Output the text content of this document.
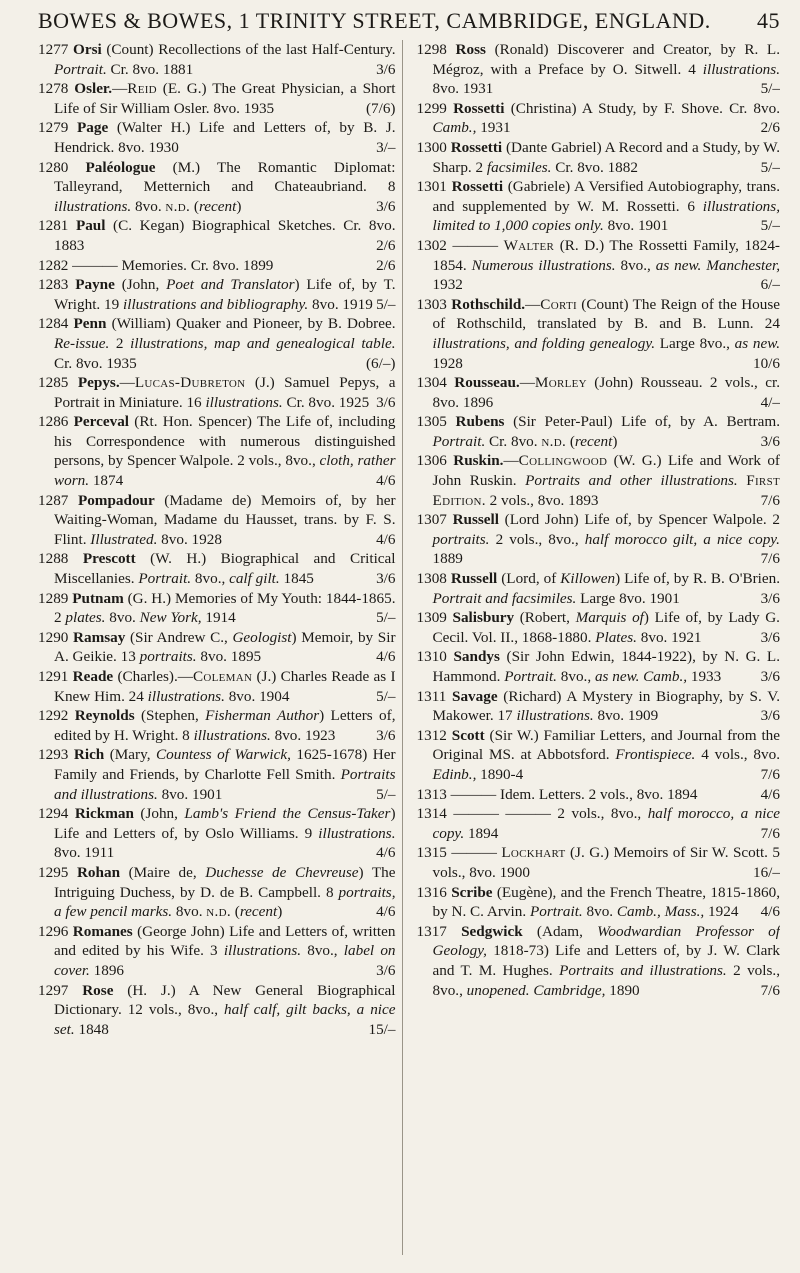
BOWES & BOWES, 1 TRINITY STREET, CAMBRIDGE, ENGLAND. 45

1277 Orsi (Count) Recollections of the last Half-Century. Portrait. Cr. 8vo. 1881	3/6

1278 Osler.—Reid (E. G.) The Great Physician, a Short Life of Sir William Osler. 8vo. 1935	(7/6)

1279 Page (Walter H.) Life and Letters of, by B. J. Hendrick. 8vo. 1930	3/–

1280 Paléologue (M.) The Romantic Diplomat: Talleyrand, Metternich and Chateaubriand. 8 illustrations. 8vo. n.d. (recent)	3/6

1281 Paul (C. Kegan) Biographical Sketches. Cr. 8vo. 1883	2/6

1282 ——— Memories. Cr. 8vo. 1899	2/6

1283 Payne (John, Poet and Translator) Life of, by T. Wright. 19 illustrations and bibliography. 8vo. 1919 5/–

1284 Penn (William) Quaker and Pioneer, by B. Dobree. Re-issue. 2 illustrations, map and genealogical table. Cr. 8vo. 1935	(6/–)

1285 Pepys.—Lucas-Dubreton (J.) Samuel Pepys, a Portrait in Miniature. 16 illustrations. Cr. 8vo. 1925 3/6

1286 Perceval (Rt. Hon. Spencer) The Life of, including his Correspondence with numerous distinguished persons, by Spencer Walpole. 2 vols., 8vo., cloth, rather worn. 1874	4/6

1287 Pompadour (Madame de) Memoirs of, by her Waiting-Woman, Madame du Hausset, trans. by F. S. Flint. Illustrated. 8vo. 1928	4/6

1288 Prescott (W. H.) Biographical and Critical Miscellanies. Portrait. 8vo., calf gilt. 1845	3/6

1289 Putnam (G. H.) Memories of My Youth: 1844-1865. 2 plates. 8vo. New York, 1914	5/–

1290 Ramsay (Sir Andrew C., Geologist) Memoir, by Sir A. Geikie. 13 portraits. 8vo. 1895	4/6

1291 Reade (Charles).—Coleman (J.) Charles Reade as I Knew Him. 24 illustrations. 8vo. 1904	5/–

1292 Reynolds (Stephen, Fisherman Author) Letters of, edited by H. Wright. 8 illustrations. 8vo. 1923	3/6

1293 Rich (Mary, Countess of Warwick, 1625-1678) Her Family and Friends, by Charlotte Fell Smith. Portraits and illustrations. 8vo. 1901	5/–

1294 Rickman (John, Lamb's Friend the Census-Taker) Life and Letters of, by Oslo Williams. 9 illustrations. 8vo. 1911	4/6

1295 Rohan (Maire de, Duchesse de Chevreuse) The Intriguing Duchess, by D. de B. Campbell. 8 portraits, a few pencil marks. 8vo. n.d. (recent)	4/6

1296 Romanes (George John) Life and Letters of, written and edited by his Wife. 3 illustrations. 8vo., label on cover. 1896	3/6

1297 Rose (H. J.) A New General Biographical Dictionary. 12 vols., 8vo., half calf, gilt backs, a nice set. 1848	15/–

1298 Ross (Ronald) Discoverer and Creator, by R. L. Mégroz, with a Preface by O. Sitwell. 4 illustrations. 8vo. 1931	5/–

1299 Rossetti (Christina) A Study, by F. Shove. Cr. 8vo. Camb., 1931	2/6

1300 Rossetti (Dante Gabriel) A Record and a Study, by W. Sharp. 2 facsimiles. Cr. 8vo. 1882	5/–

1301 Rossetti (Gabriele) A Versified Autobiography, trans. and supplemented by W. M. Rossetti. 6 illustrations, limited to 1,000 copies only. 8vo. 1901	5/–

1302 ——— Walter (R. D.) The Rossetti Family, 1824-1854. Numerous illustrations. 8vo., as new. Manchester, 1932	6/–

1303 Rothschild.—Corti (Count) The Reign of the House of Rothschild, translated by B. and B. Lunn. 24 illustrations, and folding genealogy. Large 8vo., as new. 1928	10/6

1304 Rousseau.—Morley (John) Rousseau. 2 vols., cr. 8vo. 1896	4/–

1305 Rubens (Sir Peter-Paul) Life of, by A. Bertram. Portrait. Cr. 8vo. n.d. (recent)	3/6

1306 Ruskin.—Collingwood (W. G.) Life and Work of John Ruskin. Portraits and other illustrations. First Edition. 2 vols., 8vo. 1893	7/6

1307 Russell (Lord John) Life of, by Spencer Walpole. 2 portraits. 2 vols., 8vo., half morocco gilt, a nice copy. 1889	7/6

1308 Russell (Lord, of Killowen) Life of, by R. B. O'Brien. Portrait and facsimiles. Large 8vo. 1901	3/6

1309 Salisbury (Robert, Marquis of) Life of, by Lady G. Cecil. Vol. II., 1868-1880. Plates. 8vo. 1921	3/6

1310 Sandys (Sir John Edwin, 1844-1922), by N. G. L. Hammond. Portrait. 8vo., as new. Camb., 1933	3/6

1311 Savage (Richard) A Mystery in Biography, by S. V. Makower. 17 illustrations. 8vo. 1909	3/6

1312 Scott (Sir W.) Familiar Letters, and Journal from the Original MS. at Abbotsford. Frontispiece. 4 vols., 8vo. Edinb., 1890-4	7/6

1313 ——— Idem. Letters. 2 vols., 8vo. 1894	4/6

1314 ——— ——— 2 vols., 8vo., half morocco, a nice copy. 1894	7/6

1315 ——— Lockhart (J. G.) Memoirs of Sir W. Scott. 5 vols., 8vo. 1900	16/–

1316 Scribe (Eugène), and the French Theatre, 1815-1860, by N. C. Arvin. Portrait. 8vo. Camb., Mass., 1924 4/6

1317 Sedgwick (Adam, Woodwardian Professor of Geology, 1818-73) Life and Letters of, by J. W. Clark and T. M. Hughes. Portraits and illustrations. 2 vols., 8vo., unopened. Cambridge, 1890	7/6
